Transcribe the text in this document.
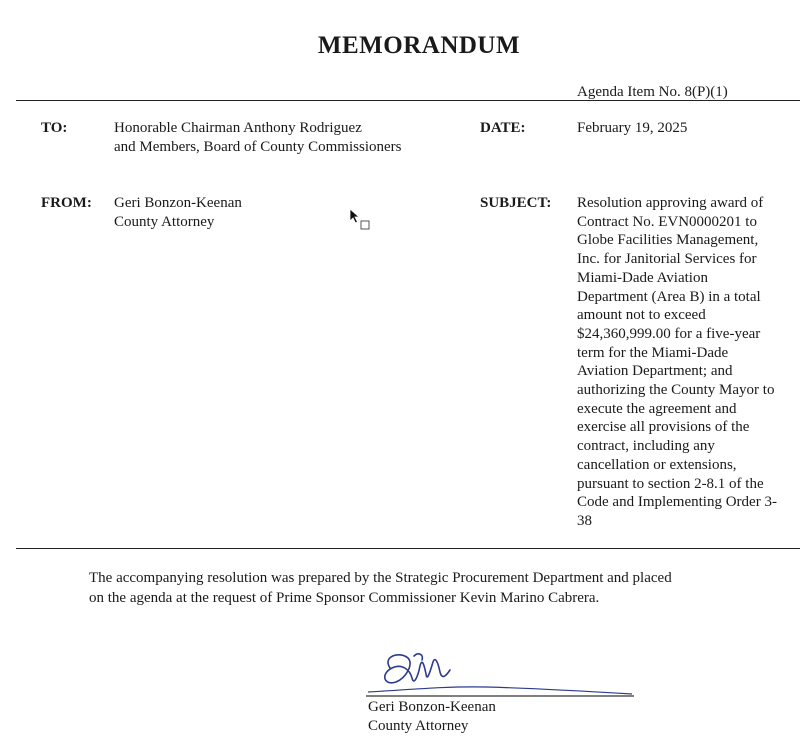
MEMORANDUM
Agenda Item No. 8(P)(1)
TO:	Honorable Chairman Anthony Rodriguez
and Members, Board of County Commissioners
DATE:	February 19, 2025
FROM: Geri Bonzon-Keenan
County Attorney
SUBJECT: Resolution approving award of
Contract No. EVN0000201 to
Globe Facilities Management,
Inc. for Janitorial Services for
Miami-Dade Aviation
Department (Area B) in a total
amount not to exceed
$24,360,999.00 for a five-year
term for the Miami-Dade
Aviation Department; and
authorizing the County Mayor to
execute the agreement and
exercise all provisions of the
contract, including any
cancellation or extensions,
pursuant to section 2-8.1 of the
Code and Implementing Order 3-
38
The accompanying resolution was prepared by the Strategic Procurement Department and placed
on the agenda at the request of Prime Sponsor Commissioner Kevin Marino Cabrera.
Geri Bonzon-Keenan
County Attorney
